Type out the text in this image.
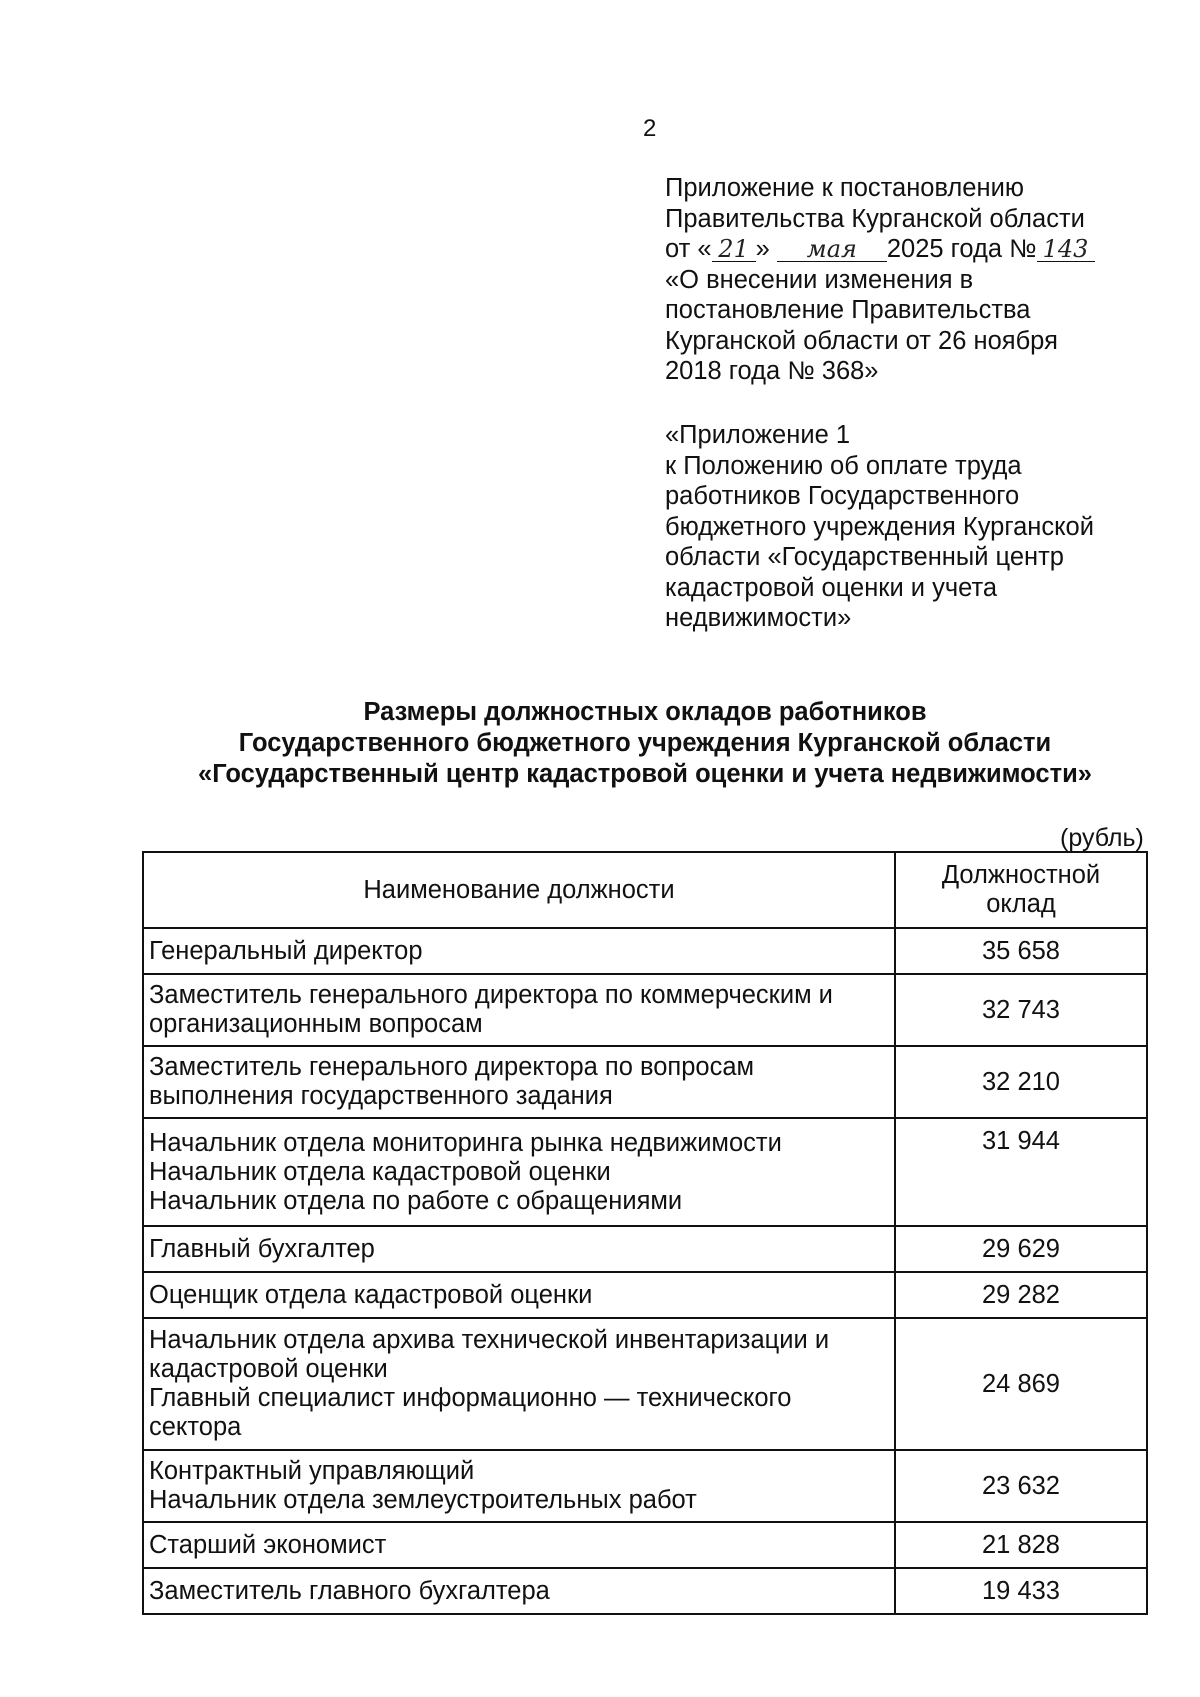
2
Приложение к постановлению
Правительства Курганской области
от « 21 » мая 2025 года № 143
«О внесении изменения в
постановление Правительства
Курганской области от 26 ноября
2018 года № 368»
«Приложение 1
к Положению об оплате труда
работников Государственного
бюджетного учреждения Курганской
области «Государственный центр
кадастровой оценки и учета
недвижимости»
Размеры должностных окладов работников
Государственного бюджетного учреждения Курганской области
«Государственный центр кадастровой оценки и учета недвижимости»
(рубль)
Наименование должности	Должностной
оклад

Генеральный директор	35 658

Заместитель генерального директора по коммерческим и
организационным вопросам	32 743

Заместитель генерального директора по вопросам
выполнения государственного задания	32 210

Начальник отдела мониторинга рынка недвижимости
Начальник отдела кадастровой оценки
Начальник отдела по работе с обращениями	31 944

Главный бухгалтер	29 629

Оценщик отдела кадастровой оценки	29 282

Начальник отдела архива технической инвентаризации и
кадастровой оценки
Главный специалист информационно — технического
сектора	24 869

Контрактный управляющий
Начальник отдела землеустроительных работ	23 632

Старший экономист	21 828

Заместитель главного бухгалтера	19 433
